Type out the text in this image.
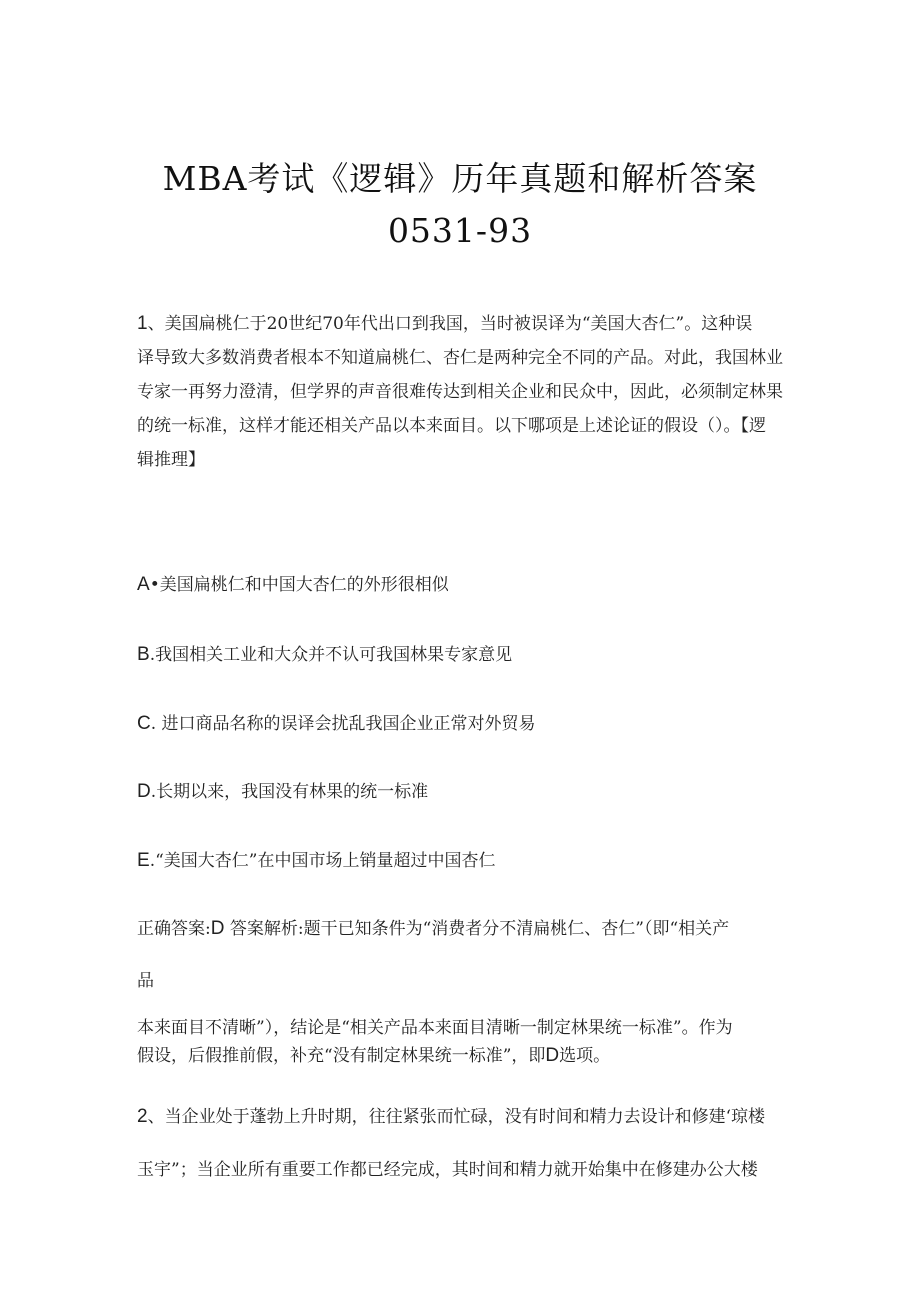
MBA考试《逻辑》历年真题和解析答案
0531-93
1、美国扁桃仁于20世纪70年代出口到我国，当时被误译为“美国大杏仁”。这种误
译导致大多数消费者根本不知道扁桃仁、杏仁是两种完全不同的产品。对此，我国林业
专家一再努力澄清，但学界的声音很难传达到相关企业和民众中，因此，必须制定林果
的统一标准，这样才能还相关产品以本来面目。以下哪项是上述论证的假设（）。【逻
辑推理】
A•美国扁桃仁和中国大杏仁的外形很相似
B.我国相关工业和大众并不认可我国林果专家意见
C. 进口商品名称的误译会扰乱我国企业正常对外贸易
D.长期以来，我国没有林果的统一标准
E.“美国大杏仁”在中国市场上销量超过中国杏仁
正确答案:D 答案解析:题干已知条件为“消费者分不清扁桃仁、杏仁”（即“相关产
品
本来面目不清晰”），结论是“相关产品本来面目清晰一制定林果统一标准”。作为
假设，后假推前假，补充“没有制定林果统一标准”，即D选项。
2、当企业处于蓬勃上升时期，往往紧张而忙碌，没有时间和精力去设计和修建‘琼楼
玉宇”；当企业所有重要工作都已经完成，其时间和精力就开始集中在修建办公大楼
